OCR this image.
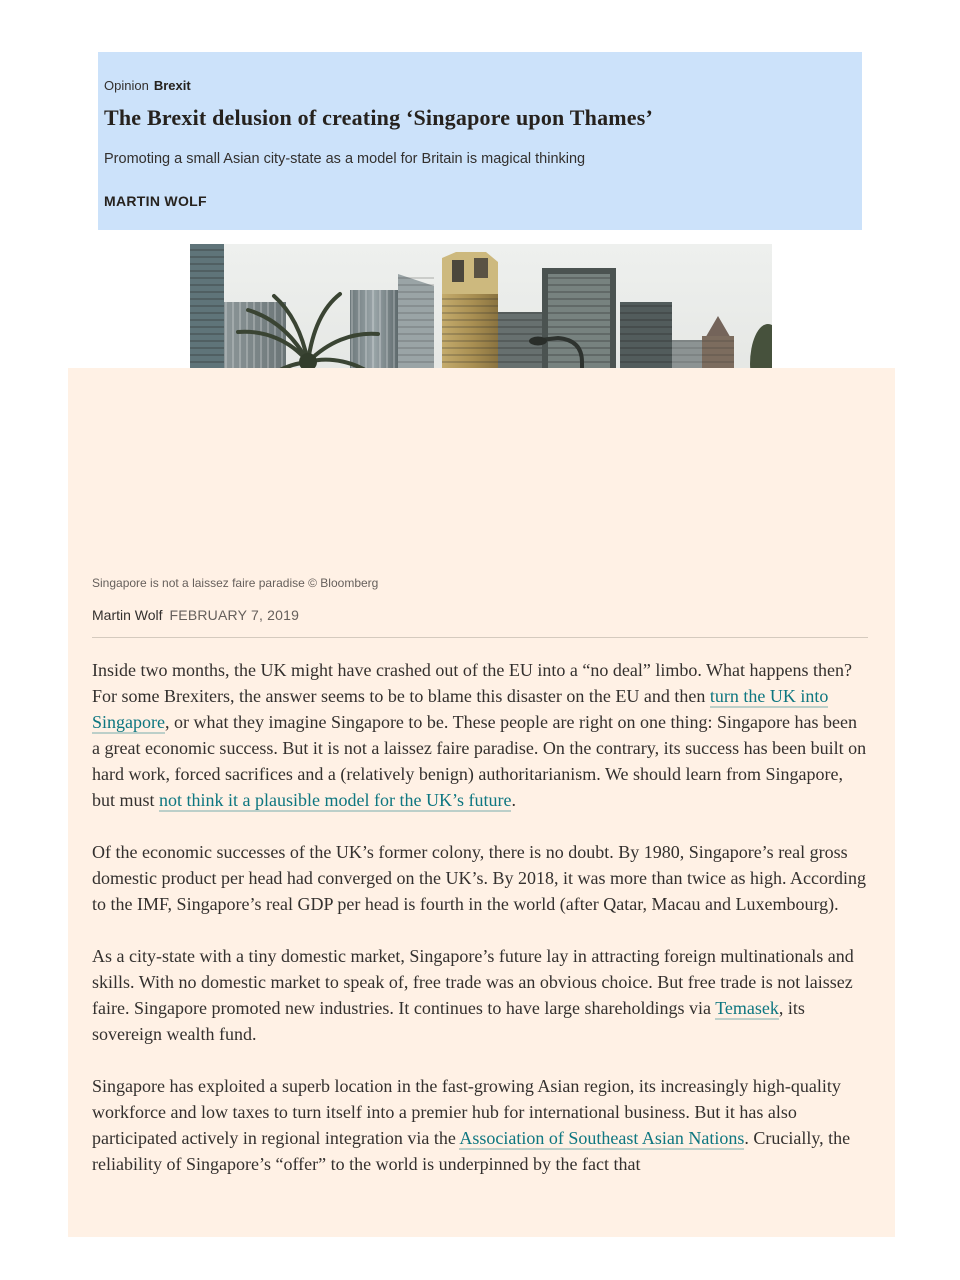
Opinion Brexit
The Brexit delusion of creating ‘Singapore upon Thames’
Promoting a small Asian city-state as a model for Britain is magical thinking
MARTIN WOLF
Singapore is not a laissez faire paradise © Bloomberg
Martin Wolf FEBRUARY 7, 2019

Inside two months, the UK might have crashed out of the EU into a “no deal” limbo. What happens then? For some Brexiters, the answer seems to be to blame this disaster on the EU and then turn the UK into Singapore, or what they imagine Singapore to be. These people are right on one thing: Singapore has been a great economic success. But it is not a laissez faire paradise. On the contrary, its success has been built on hard work, forced sacrifices and a (relatively benign) authoritarianism. We should learn from Singapore, but must not think it a plausible model for the UK’s future.

Of the economic successes of the UK’s former colony, there is no doubt. By 1980, Singapore’s real gross domestic product per head had converged on the UK’s. By 2018, it was more than twice as high. According to the IMF, Singapore’s real GDP per head is fourth in the world (after Qatar, Macau and Luxembourg).

As a city-state with a tiny domestic market, Singapore’s future lay in attracting foreign multinationals and skills. With no domestic market to speak of, free trade was an obvious choice. But free trade is not laissez faire. Singapore promoted new industries. It continues to have large shareholdings via Temasek, its sovereign wealth fund.

Singapore has exploited a superb location in the fast-growing Asian region, its increasingly high-quality workforce and low taxes to turn itself into a premier hub for international business. But it has also participated actively in regional integration via the Association of Southeast Asian Nations. Crucially, the reliability of Singapore’s “offer” to the world is underpinned by the fact that
